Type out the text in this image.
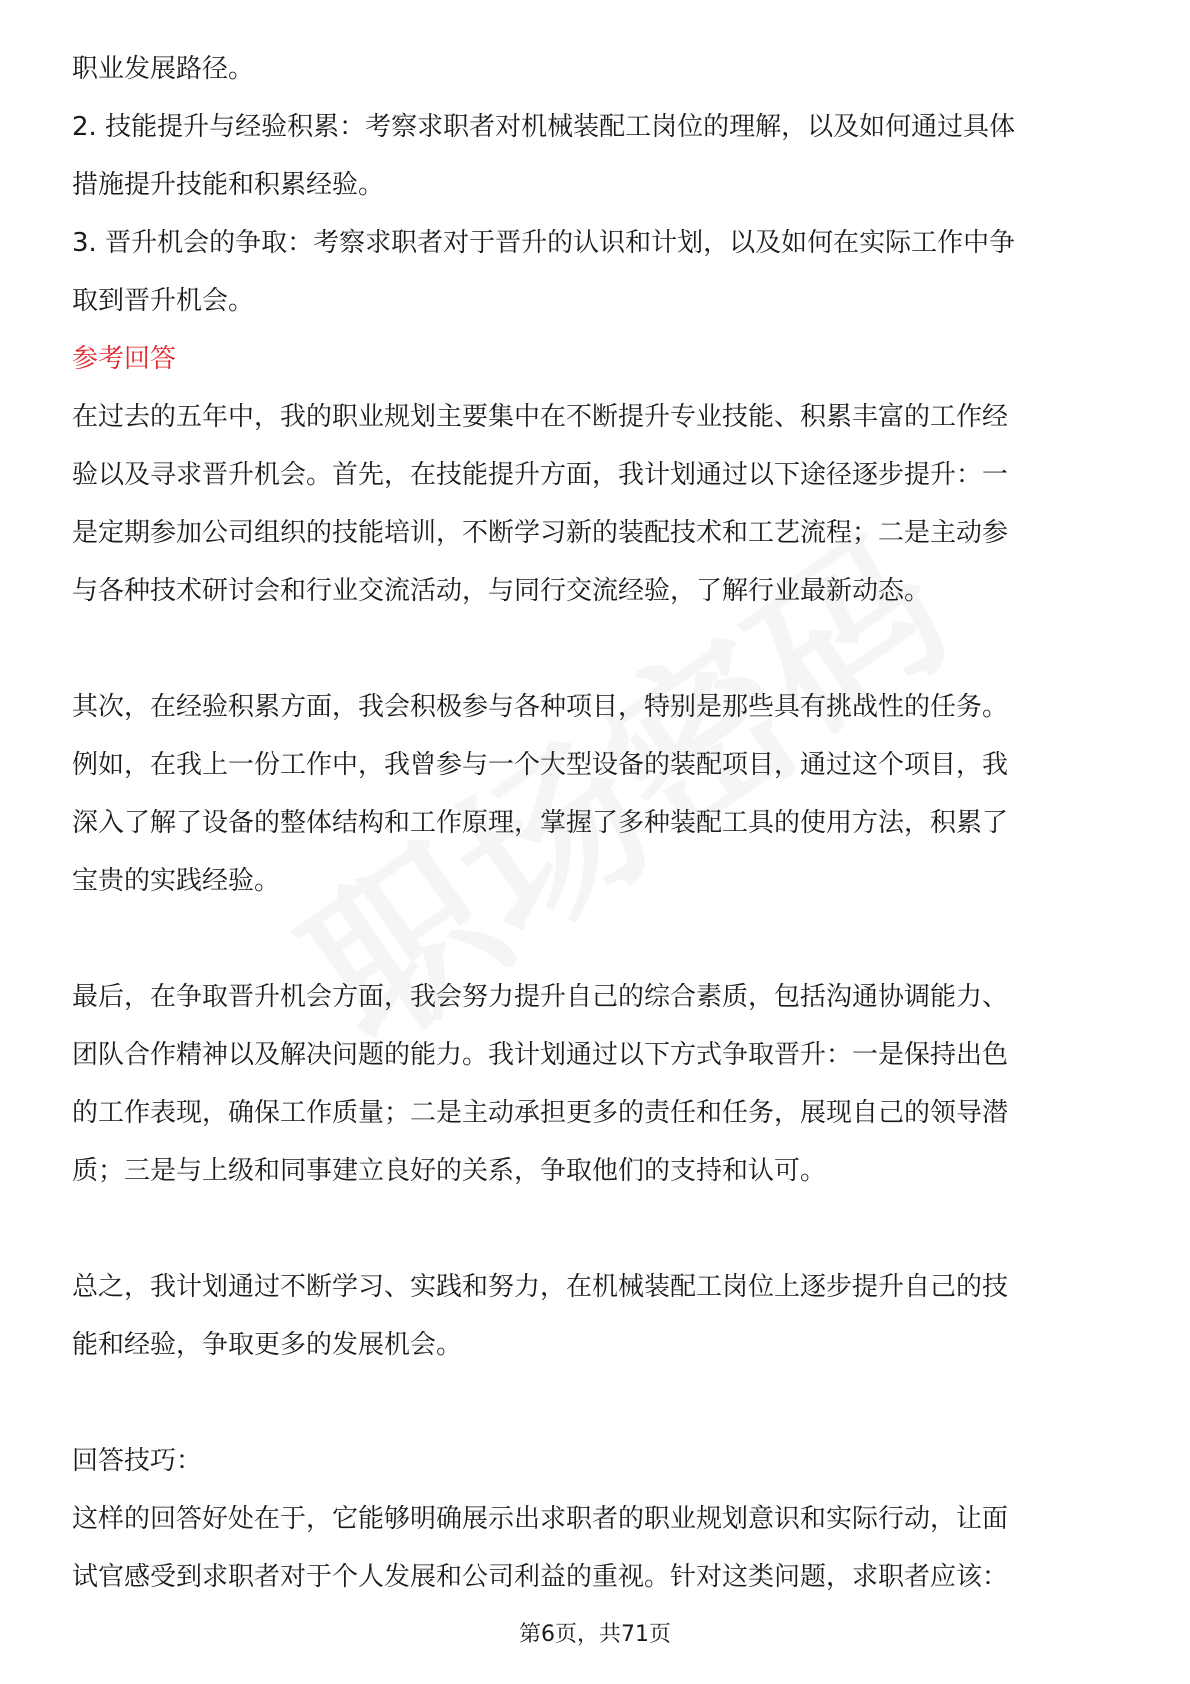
职业发展路径。
2. 技能提升与经验积累：考察求职者对机械装配工岗位的理解，以及如何通过具体
措施提升技能和积累经验。
3. 晋升机会的争取：考察求职者对于晋升的认识和计划，以及如何在实际工作中争
取到晋升机会。
参考回答
在过去的五年中，我的职业规划主要集中在不断提升专业技能、积累丰富的工作经
验以及寻求晋升机会。首先，在技能提升方面，我计划通过以下途径逐步提升：一
是定期参加公司组织的技能培训，不断学习新的装配技术和工艺流程；二是主动参
与各种技术研讨会和行业交流活动，与同行交流经验，了解行业最新动态。
其次，在经验积累方面，我会积极参与各种项目，特别是那些具有挑战性的任务。
例如，在我上一份工作中，我曾参与一个大型设备的装配项目，通过这个项目，我
深入了解了设备的整体结构和工作原理，掌握了多种装配工具的使用方法，积累了
宝贵的实践经验。
最后，在争取晋升机会方面，我会努力提升自己的综合素质，包括沟通协调能力、
团队合作精神以及解决问题的能力。我计划通过以下方式争取晋升：一是保持出色
的工作表现，确保工作质量；二是主动承担更多的责任和任务，展现自己的领导潜
质；三是与上级和同事建立良好的关系，争取他们的支持和认可。
总之，我计划通过不断学习、实践和努力，在机械装配工岗位上逐步提升自己的技
能和经验，争取更多的发展机会。
回答技巧：
这样的回答好处在于，它能够明确展示出求职者的职业规划意识和实际行动，让面
试官感受到求职者对于个人发展和公司利益的重视。针对这类问题，求职者应该：
第6页，共71页
